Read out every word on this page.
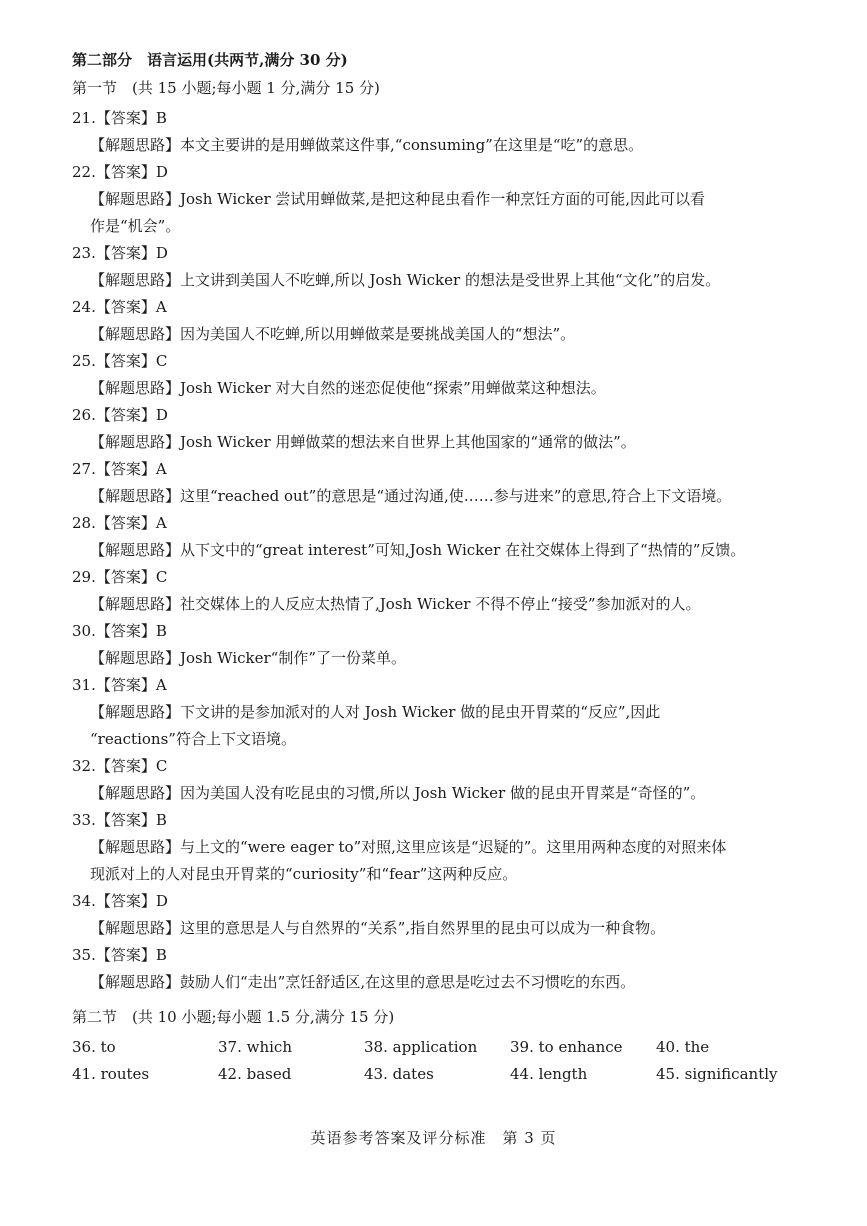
第二部分　语言运用(共两节,满分 30 分)
第一节　(共 15 小题;每小题 1 分,满分 15 分)
21.【答案】B
【解题思路】本文主要讲的是用蝉做菜这件事,“consuming”在这里是“吃”的意思。
22.【答案】D
【解题思路】Josh Wicker 尝试用蝉做菜,是把这种昆虫看作一种烹饪方面的可能,因此可以看
作是“机会”。
23.【答案】D
【解题思路】上文讲到美国人不吃蝉,所以 Josh Wicker 的想法是受世界上其他“文化”的启发。
24.【答案】A
【解题思路】因为美国人不吃蝉,所以用蝉做菜是要挑战美国人的“想法”。
25.【答案】C
【解题思路】Josh Wicker 对大自然的迷恋促使他“探索”用蝉做菜这种想法。
26.【答案】D
【解题思路】Josh Wicker 用蝉做菜的想法来自世界上其他国家的“通常的做法”。
27.【答案】A
【解题思路】这里“reached out”的意思是“通过沟通,使……参与进来”的意思,符合上下文语境。
28.【答案】A
【解题思路】从下文中的“great interest”可知,Josh Wicker 在社交媒体上得到了“热情的”反馈。
29.【答案】C
【解题思路】社交媒体上的人反应太热情了,Josh Wicker 不得不停止“接受”参加派对的人。
30.【答案】B
【解题思路】Josh Wicker“制作”了一份菜单。
31.【答案】A
【解题思路】下文讲的是参加派对的人对 Josh Wicker 做的昆虫开胃菜的“反应”,因此
“reactions”符合上下文语境。
32.【答案】C
【解题思路】因为美国人没有吃昆虫的习惯,所以 Josh Wicker 做的昆虫开胃菜是“奇怪的”。
33.【答案】B
【解题思路】与上文的“were eager to”对照,这里应该是“迟疑的”。这里用两种态度的对照来体
现派对上的人对昆虫开胃菜的“curiosity”和“fear”这两种反应。
34.【答案】D
【解题思路】这里的意思是人与自然界的“关系”,指自然界里的昆虫可以成为一种食物。
35.【答案】B
【解题思路】鼓励人们“走出”烹饪舒适区,在这里的意思是吃过去不习惯吃的东西。
第二节　(共 10 小题;每小题 1.5 分,满分 15 分)
36. to	37. which	38. application	39. to enhance	40. the
41. routes	42. based	43. dates	44. length	45. significantly
英语参考答案及评分标准　第 3 页
